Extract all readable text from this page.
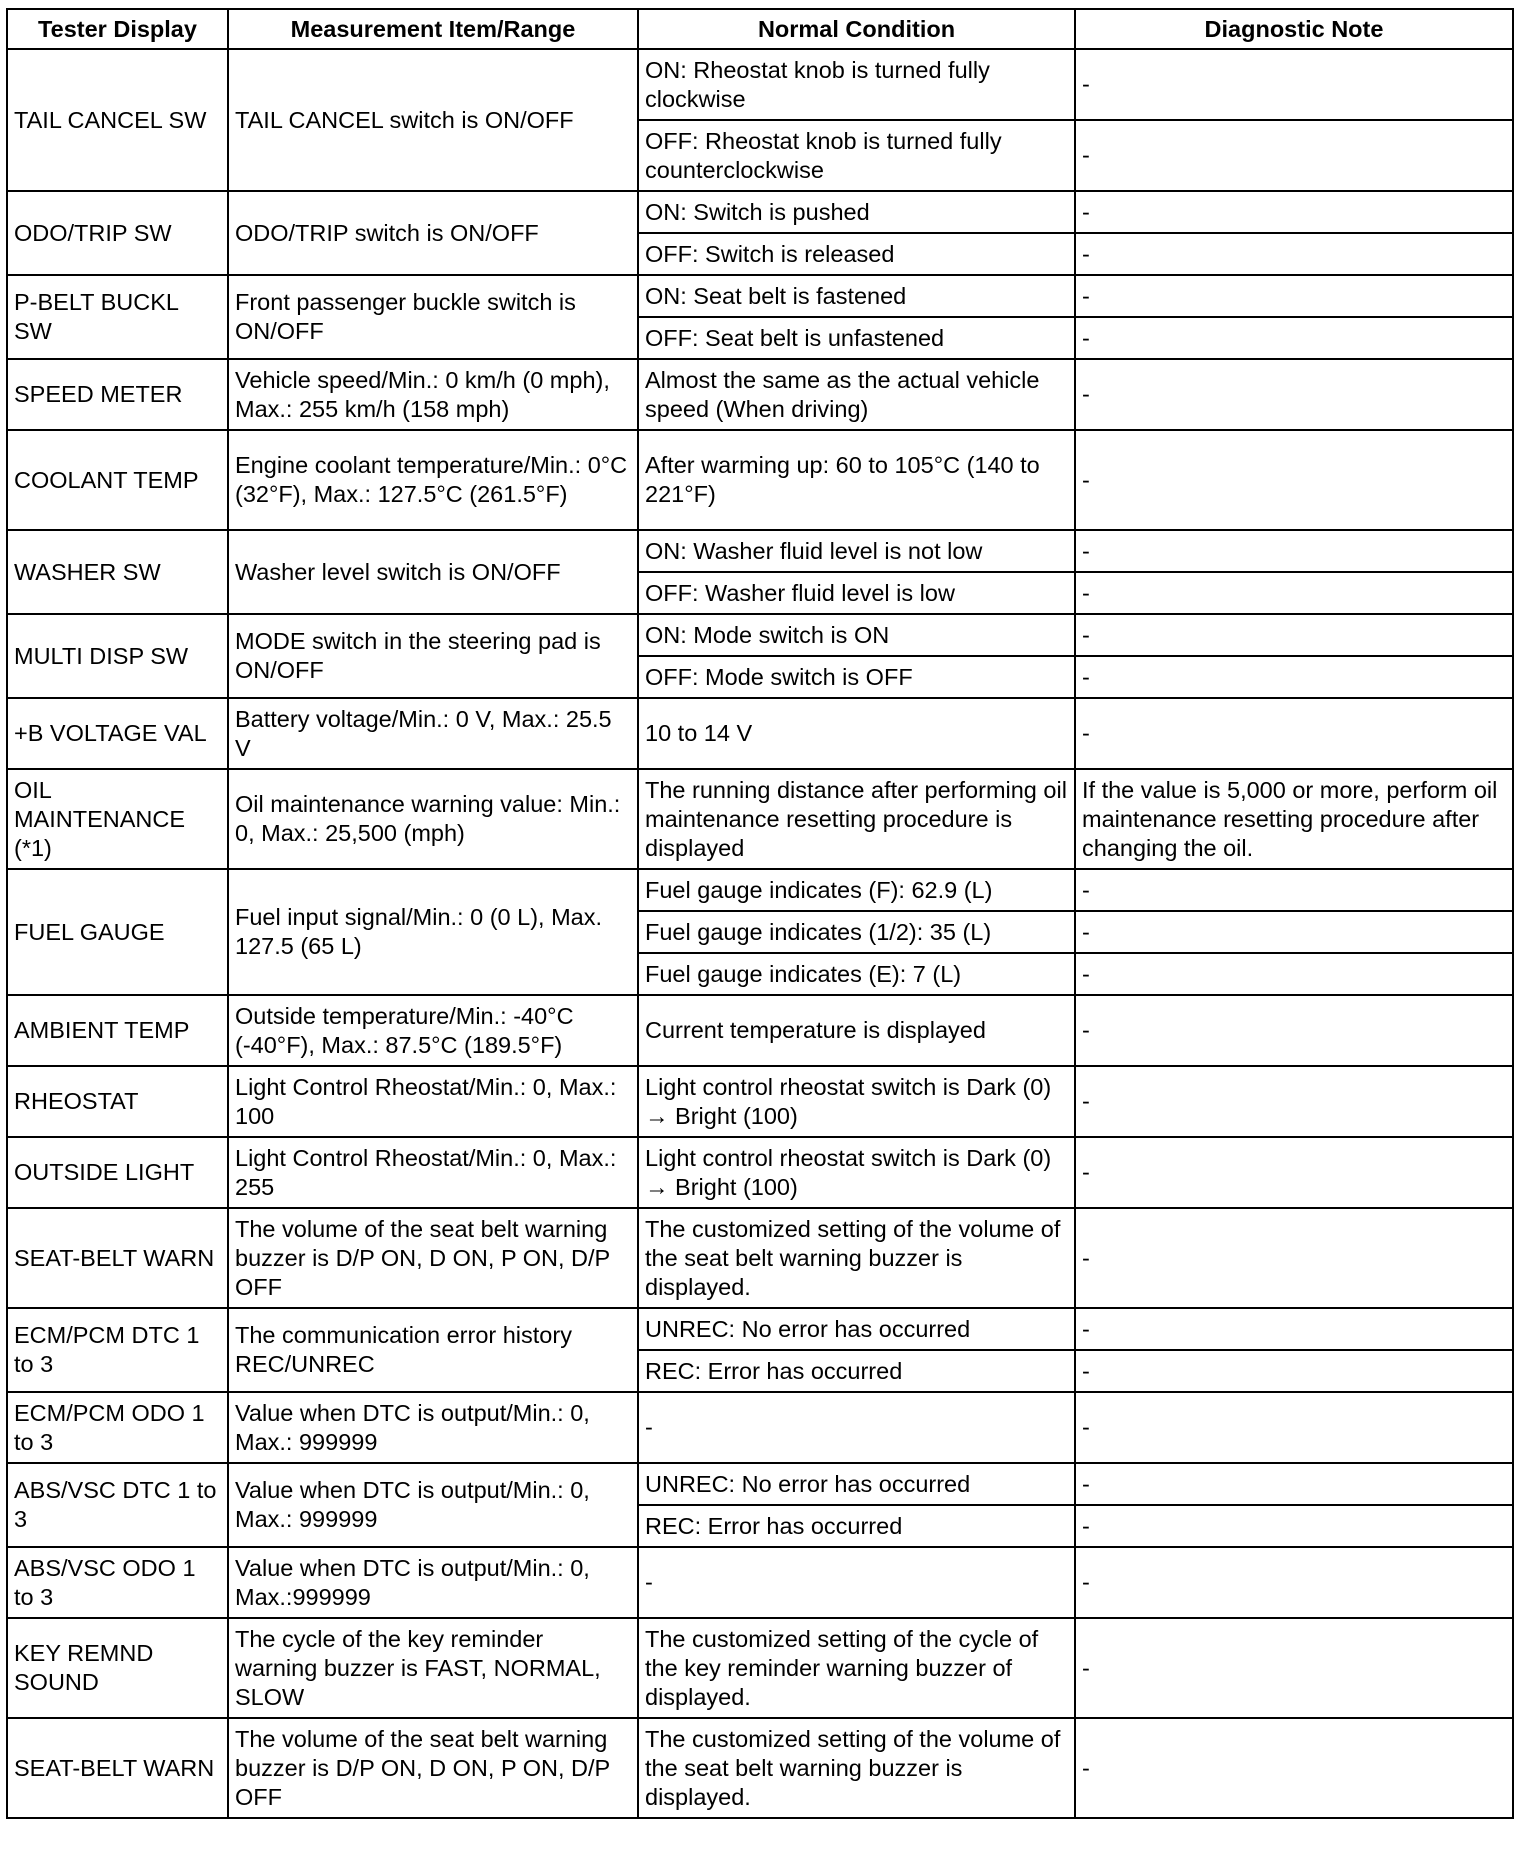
Tester Display	Measurement Item/Range	Normal Condition	Diagnostic Note
TAIL CANCEL SW	TAIL CANCEL switch is ON/OFF	ON: Rheostat knob is turned fully clockwise	-
		OFF: Rheostat knob is turned fully counterclockwise	-
ODO/TRIP SW	ODO/TRIP switch is ON/OFF	ON: Switch is pushed	-
		OFF: Switch is released	-
P-BELT BUCKL SW	Front passenger buckle switch is ON/OFF	ON: Seat belt is fastened	-
		OFF: Seat belt is unfastened	-
SPEED METER	Vehicle speed/Min.: 0 km/h (0 mph), Max.: 255 km/h (158 mph)	Almost the same as the actual vehicle speed (When driving)	-
COOLANT TEMP	Engine coolant temperature/Min.: 0°C (32°F), Max.: 127.5°C (261.5°F)	After warming up: 60 to 105°C (140 to 221°F)	-
WASHER SW	Washer level switch is ON/OFF	ON: Washer fluid level is not low	-
		OFF: Washer fluid level is low	-
MULTI DISP SW	MODE switch in the steering pad is ON/OFF	ON: Mode switch is ON	-
		OFF: Mode switch is OFF	-
+B VOLTAGE VAL	Battery voltage/Min.: 0 V, Max.: 25.5 V	10 to 14 V	-
OIL MAINTENANCE (*1)	Oil maintenance warning value: Min.: 0, Max.: 25,500 (mph)	The running distance after performing oil maintenance resetting procedure is displayed	If the value is 5,000 or more, perform oil maintenance resetting procedure after changing the oil.
FUEL GAUGE	Fuel input signal/Min.: 0 (0 L), Max. 127.5 (65 L)	Fuel gauge indicates (F): 62.9 (L)	-
		Fuel gauge indicates (1/2): 35 (L)	-
		Fuel gauge indicates (E): 7 (L)	-
AMBIENT TEMP	Outside temperature/Min.: -40°C (-40°F), Max.: 87.5°C (189.5°F)	Current temperature is displayed	-
RHEOSTAT	Light Control Rheostat/Min.: 0, Max.: 100	Light control rheostat switch is Dark (0) → Bright (100)	-
OUTSIDE LIGHT	Light Control Rheostat/Min.: 0, Max.: 255	Light control rheostat switch is Dark (0) → Bright (100)	-
SEAT-BELT WARN	The volume of the seat belt warning buzzer is D/P ON, D ON, P ON, D/P OFF	The customized setting of the volume of the seat belt warning buzzer is displayed.	-
ECM/PCM DTC 1 to 3	The communication error history REC/UNREC	UNREC: No error has occurred	-
		REC: Error has occurred	-
ECM/PCM ODO 1 to 3	Value when DTC is output/Min.: 0, Max.: 999999	-	-
ABS/VSC DTC 1 to 3	Value when DTC is output/Min.: 0, Max.: 999999	UNREC: No error has occurred	-
		REC: Error has occurred	-
ABS/VSC ODO 1 to 3	Value when DTC is output/Min.: 0, Max.:999999	-	-
KEY REMND SOUND	The cycle of the key reminder warning buzzer is FAST, NORMAL, SLOW	The customized setting of the cycle of the key reminder warning buzzer of displayed.	-
SEAT-BELT WARN	The volume of the seat belt warning buzzer is D/P ON, D ON, P ON, D/P OFF	The customized setting of the volume of the seat belt warning buzzer is displayed.	-
